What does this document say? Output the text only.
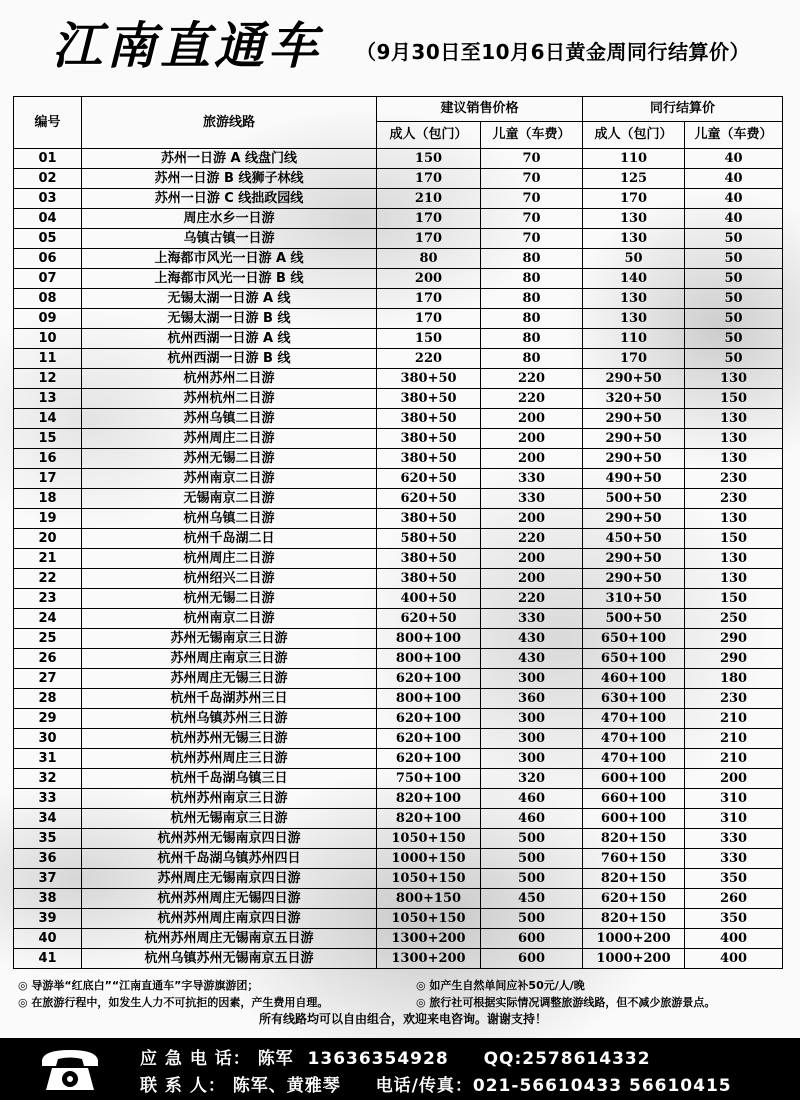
江南直通车 （9月30日至10月6日黄金周同行结算价）
编号	旅游线路	建议销售价格		同行结算价	
		成人（包门）	儿童（车费）	成人（包门）	儿童（车费）
01	苏州一日游 A 线盘门线	150	70	110	40
02	苏州一日游 B 线狮子林线	170	70	125	40
03	苏州一日游 C 线拙政园线	210	70	170	40
04	周庄水乡一日游	170	70	130	40
05	乌镇古镇一日游	170	70	130	50
06	上海都市风光一日游 A 线	80	80	50	50
07	上海都市风光一日游 B 线	200	80	140	50
08	无锡太湖一日游 A 线	170	80	130	50
09	无锡太湖一日游 B 线	170	80	130	50
10	杭州西湖一日游 A 线	150	80	110	50
11	杭州西湖一日游 B 线	220	80	170	50
12	杭州苏州二日游	380+50	220	290+50	130
13	苏州杭州二日游	380+50	220	320+50	150
14	苏州乌镇二日游	380+50	200	290+50	130
15	苏州周庄二日游	380+50	200	290+50	130
16	苏州无锡二日游	380+50	200	290+50	130
17	苏州南京二日游	620+50	330	490+50	230
18	无锡南京二日游	620+50	330	500+50	230
19	杭州乌镇二日游	380+50	200	290+50	130
20	杭州千岛湖二日	580+50	220	450+50	150
21	杭州周庄二日游	380+50	200	290+50	130
22	杭州绍兴二日游	380+50	200	290+50	130
23	杭州无锡二日游	400+50	220	310+50	150
24	杭州南京二日游	620+50	330	500+50	250
25	苏州无锡南京三日游	800+100	430	650+100	290
26	苏州周庄南京三日游	800+100	430	650+100	290
27	苏州周庄无锡三日游	620+100	300	460+100	180
28	杭州千岛湖苏州三日	800+100	360	630+100	230
29	杭州乌镇苏州三日游	620+100	300	470+100	210
30	杭州苏州无锡三日游	620+100	300	470+100	210
31	杭州苏州周庄三日游	620+100	300	470+100	210
32	杭州千岛湖乌镇三日	750+100	320	600+100	200
33	杭州苏州南京三日游	820+100	460	660+100	310
34	杭州无锡南京三日游	820+100	460	600+100	310
35	杭州苏州无锡南京四日游	1050+150	500	820+150	330
36	杭州千岛湖乌镇苏州四日	1000+150	500	760+150	330
37	苏州周庄无锡南京四日游	1050+150	500	820+150	350
38	杭州苏州周庄无锡四日游	800+150	450	620+150	260
39	杭州苏州周庄南京四日游	1050+150	500	820+150	350
40	杭州苏州周庄无锡南京五日游	1300+200	600	1000+200	400
41	杭州乌镇苏州无锡南京五日游	1300+200	600	1000+200	400
◎ 导游举“红底白”“江南直通车”字导游旗游团；	◎ 如产生自然单间应补50元/人/晚
◎ 在旅游行程中，如发生人力不可抗拒的因素，产生费用自理。	◎ 旅行社可根据实际情况调整旅游线路，但不减少旅游景点。
所有线路均可以自由组合，欢迎来电咨询。谢谢支持！
应 急 电 话： 陈军 13636354928 QQ:2578614332
联 系 人： 陈军、黄雅琴 电话/传真：021-56610433 56610415
